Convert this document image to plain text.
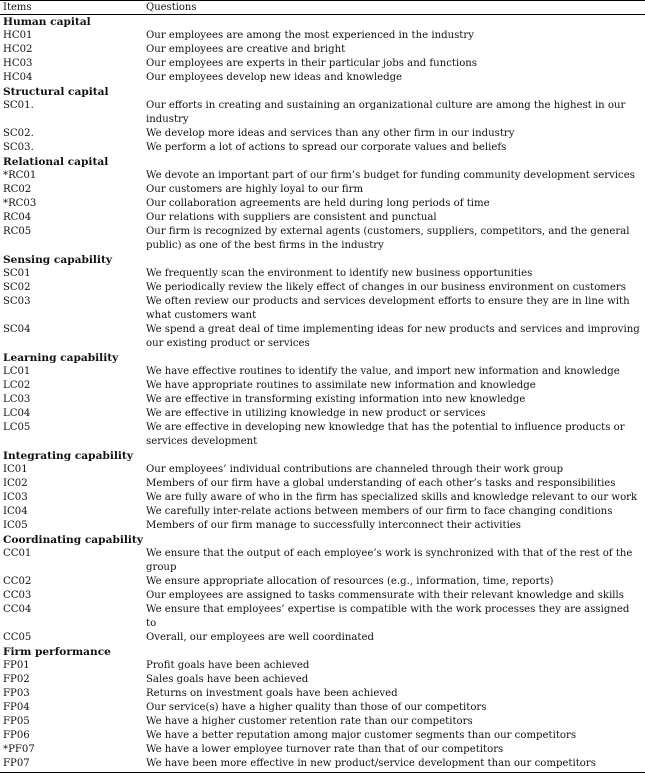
Items	Questions
Human capital	
HC01	Our employees are among the most experienced in the industry
HC02	Our employees are creative and bright
HC03	Our employees are experts in their particular jobs and functions
HC04	Our employees develop new ideas and knowledge
Structural capital	
SC01.	Our efforts in creating and sustaining an organizational culture are among the highest in our industry
SC02.	We develop more ideas and services than any other firm in our industry
SC03.	We perform a lot of actions to spread our corporate values and beliefs
Relational capital	
*RC01	We devote an important part of our firm’s budget for funding community development services
RC02	Our customers are highly loyal to our firm
*RC03	Our collaboration agreements are held during long periods of time
RC04	Our relations with suppliers are consistent and punctual
RC05	Our firm is recognized by external agents (customers, suppliers, competitors, and the general public) as one of the best firms in the industry
Sensing capability	
SC01	We frequently scan the environment to identify new business opportunities
SC02	We periodically review the likely effect of changes in our business environment on customers
SC03	We often review our products and services development efforts to ensure they are in line with what customers want
SC04	We spend a great deal of time implementing ideas for new products and services and improving our existing product or services
Learning capability	
LC01	We have effective routines to identify the value, and import new information and knowledge
LC02	We have appropriate routines to assimilate new information and knowledge
LC03	We are effective in transforming existing information into new knowledge
LC04	We are effective in utilizing knowledge in new product or services
LC05	We are effective in developing new knowledge that has the potential to influence products or services development
Integrating capability	
IC01	Our employees’ individual contributions are channeled through their work group
IC02	Members of our firm have a global understanding of each other’s tasks and responsibilities
IC03	We are fully aware of who in the firm has specialized skills and knowledge relevant to our work
IC04	We carefully inter-relate actions between members of our firm to face changing conditions
IC05	Members of our firm manage to successfully interconnect their activities
Coordinating capability	
CC01	We ensure that the output of each employee’s work is synchronized with that of the rest of the group
CC02	We ensure appropriate allocation of resources (e.g., information, time, reports)
CC03	Our employees are assigned to tasks commensurate with their relevant knowledge and skills
CC04	We ensure that employees’ expertise is compatible with the work processes they are assigned to
CC05	Overall, our employees are well coordinated
Firm performance	
FP01	Profit goals have been achieved
FP02	Sales goals have been achieved
FP03	Returns on investment goals have been achieved
FP04	Our service(s) have a higher quality than those of our competitors
FP05	We have a higher customer retention rate than our competitors
FP06	We have a better reputation among major customer segments than our competitors
*PF07	We have a lower employee turnover rate than that of our competitors
FP07	We have been more effective in new product/service development than our competitors
